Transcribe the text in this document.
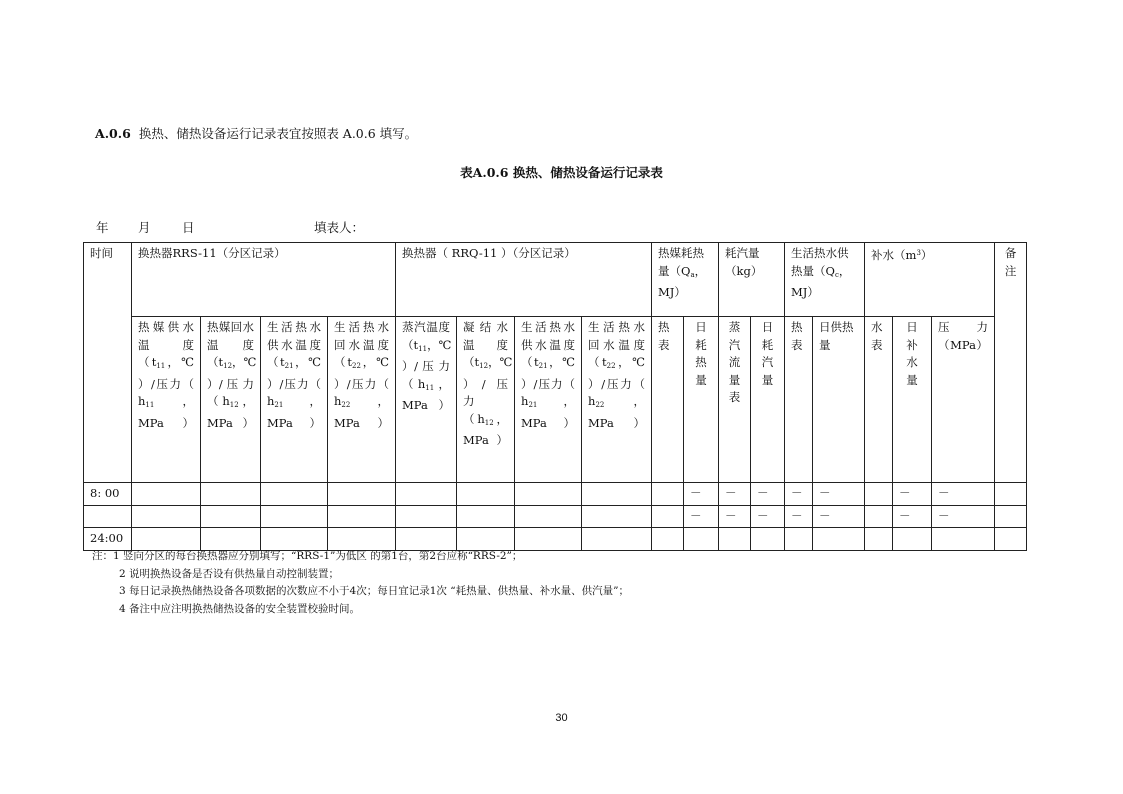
A.0.6 换热、储热设备运行记录表宜按照表 A.0.6 填写。
表A.0.6 换热、储热设备运行记录表
年 月	日	填表人：
时间	换热器RRS-11（分区记录）				换热器（ RRQ-11 ）（分区记录）				热媒耗热量（$Q_a$，MJ）		耗汽量（kg）		生活热水供热量（$Q_c$，MJ）		补水$(m^3)$			备注	
	热媒供水温度（$t_{11}$，℃ ）/压力（ $h_{11}$，MPa）	热媒回水温度（$t_{12}$，℃ ）/ 压 力（$h_{12}$，MPa）	生活热水供水温度（$t_{21}$，℃ ）/压力（ $h_{21}$，MPa）	生活热水回水温度（$t_{22}$，℃ ）/压力（ $h_{22}$，MPa）	蒸汽温度（$t_{11}$，℃ ）/ 压 力（$h_{11}$，MPa）	凝结水温度（$t_{12}$，℃ ）/ 压 力（$h_{12}$，MPa）	生活热水供水温度（$t_{21}$，℃ ）/压力（ $h_{21}$，MPa）	生活热水回水温度（$t_{22}$，℃ ）/压力（ $h_{22}$，MPa）	热表	日耗热量	蒸汽流量表	日耗汽量	热表	日供热量	水表	日补水量	压 力（MPa）		
8: 00										－	－	－	－	－		－	－		
										－	－	－	－	－		－	－		
24:00																			
注：1 竖向分区的每台换热器应分别填写；“RRS-1”为低区 的第1台，第2台应称“RRS-2”；
2 说明换热设备是否设有供热量自动控制装置；
3 每日记录换热储热设备各项数据的次数应不小于4次；每日宜记录1次 “耗热量、供热量、补水量、供汽量”；
4 备注中应注明换热储热设备的安全装置校验时间。
30
